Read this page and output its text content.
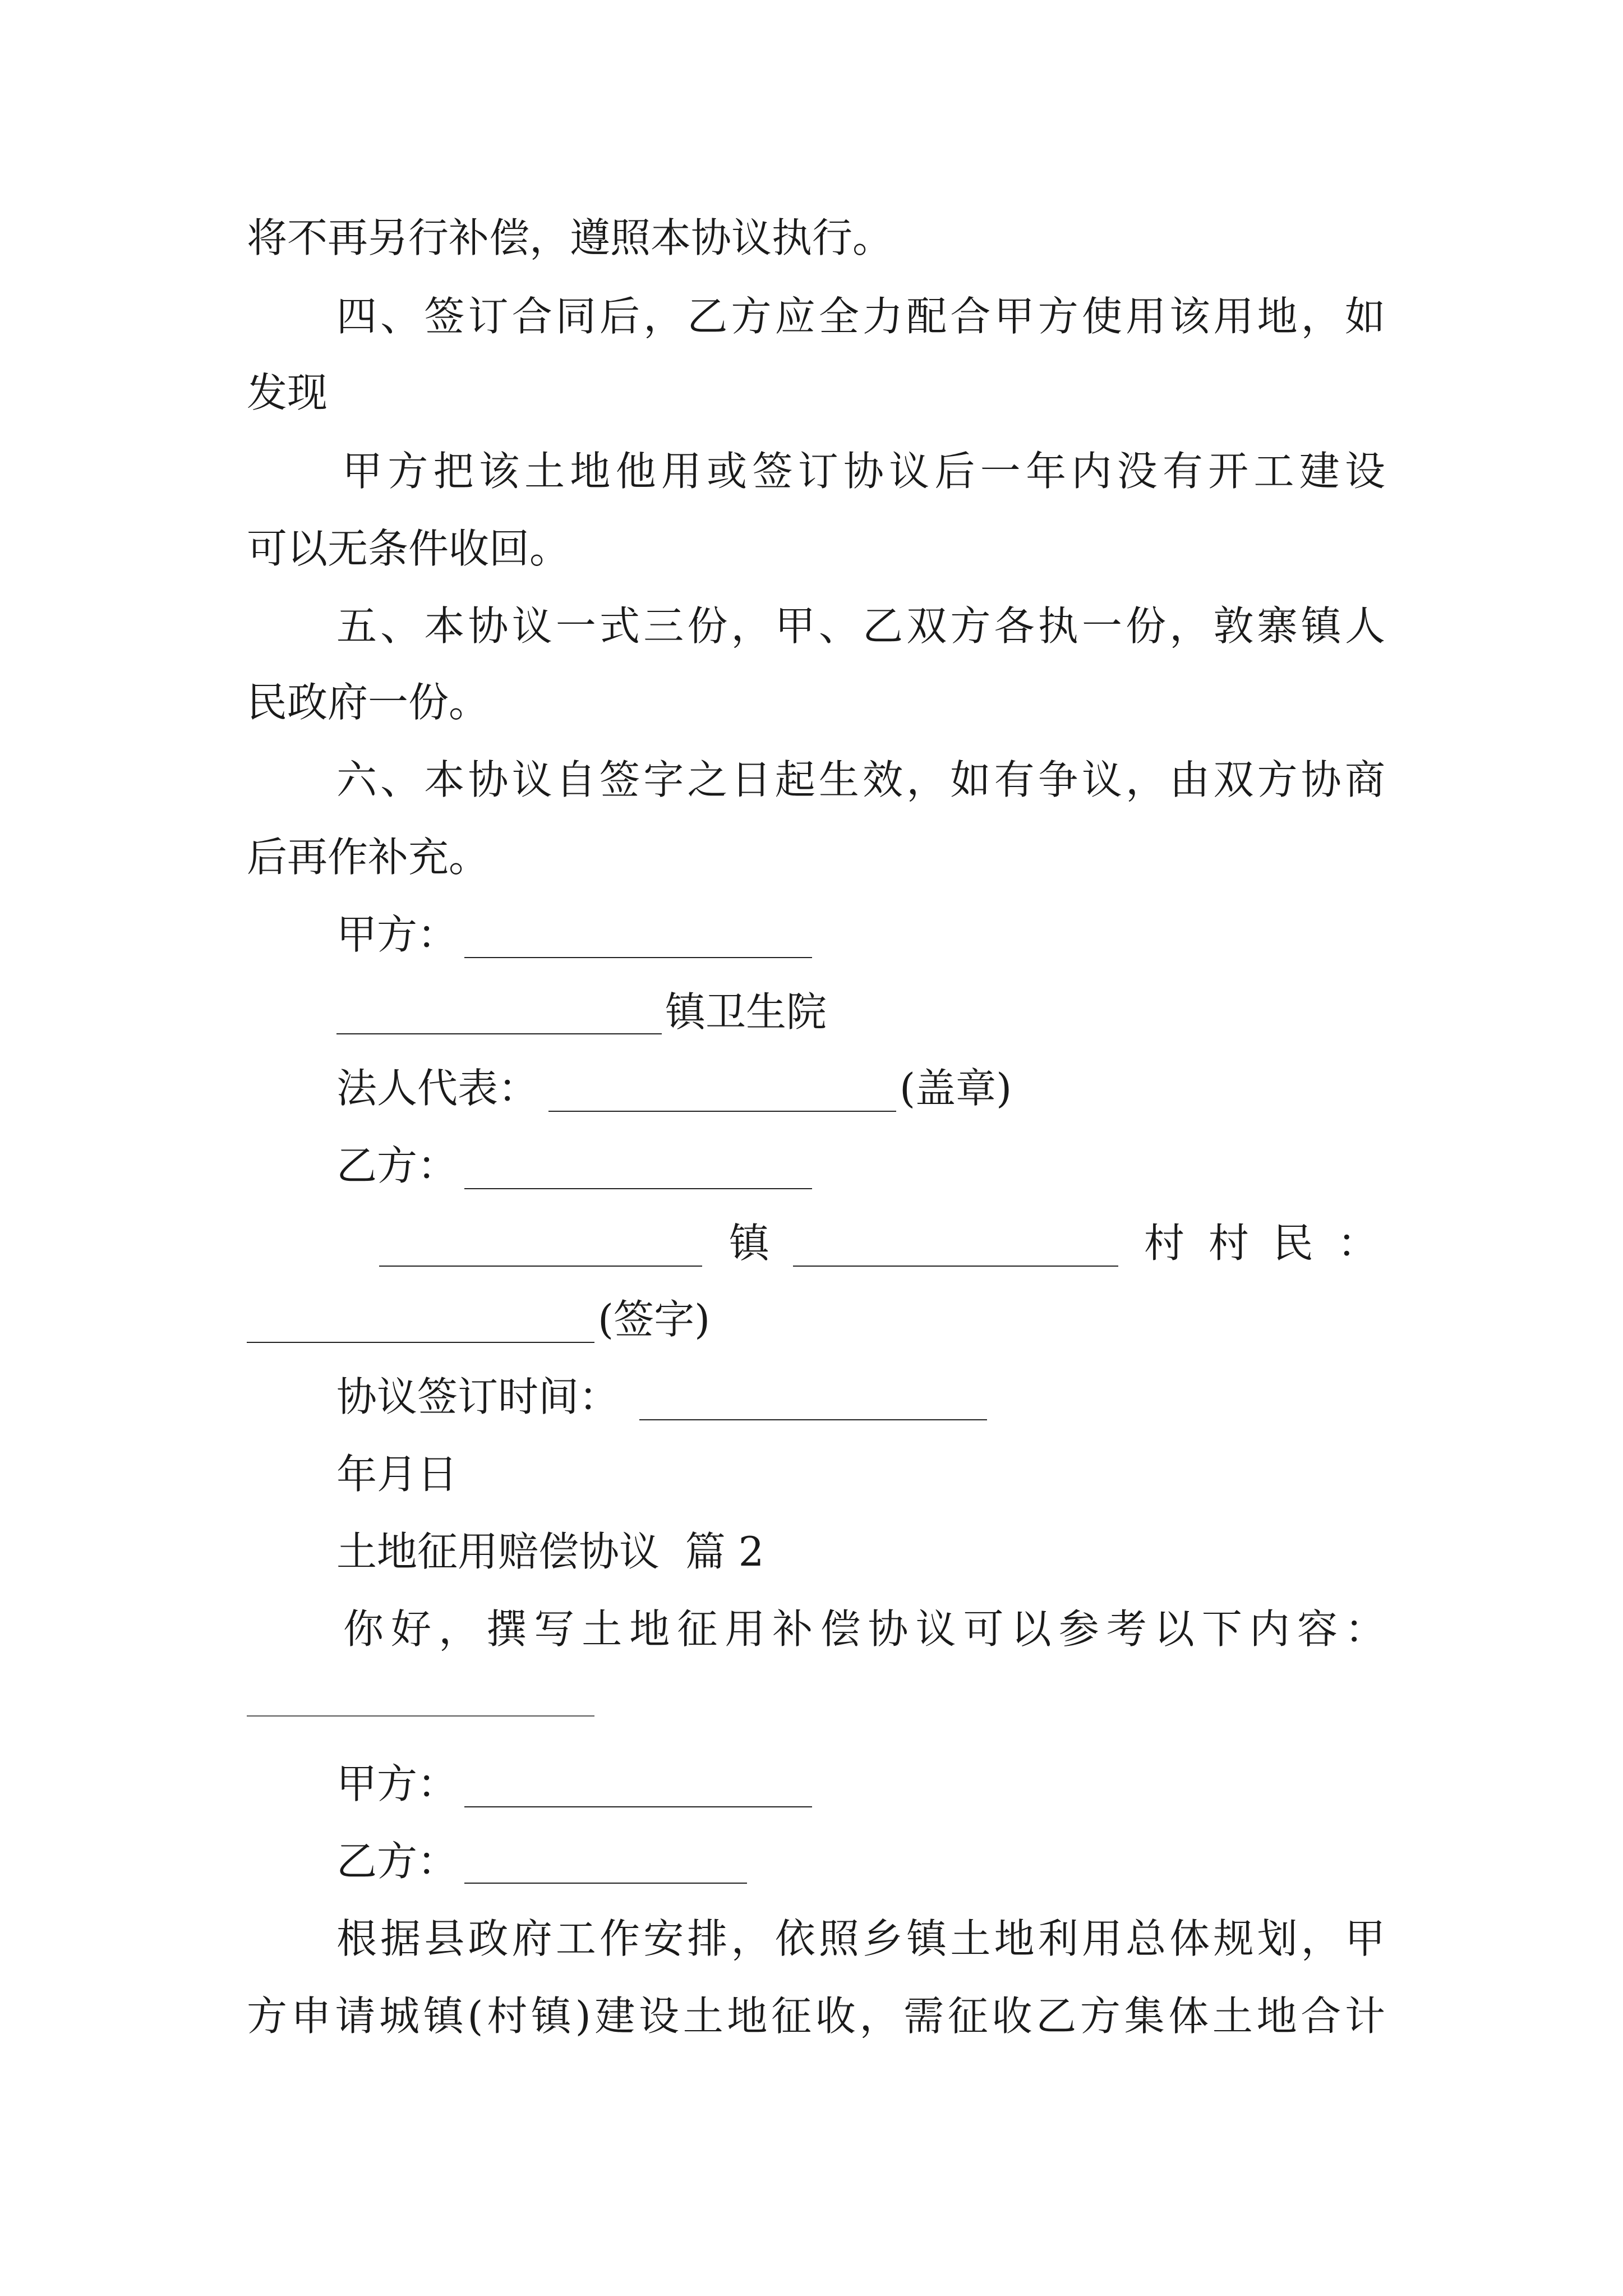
将不再另行补偿，遵照本协议执行。
四、签订合同后，乙方应全力配合甲方使用该用地，如
发现
甲方把该土地他用或签订协议后一年内没有开工建设
可以无条件收回。
五、本协议一式三份，甲、乙双方各执一份，敦寨镇人
民政府一份。
六、本协议自签字之日起生效，如有争议，由双方协商
后再作补充。
甲方：
镇卫生院
法人代表：	(盖章)
乙方：
镇	村 村 民 ：
(签字)
协议签订时间：
年月日
土地征用赔偿协议  篇 2
你好，撰写土地征用补偿协议可以参考以下内容：
甲方：
乙方：
根据县政府工作安排，依照乡镇土地利用总体规划，甲
方申请城镇(村镇)建设土地征收，需征收乙方集体土地合计
